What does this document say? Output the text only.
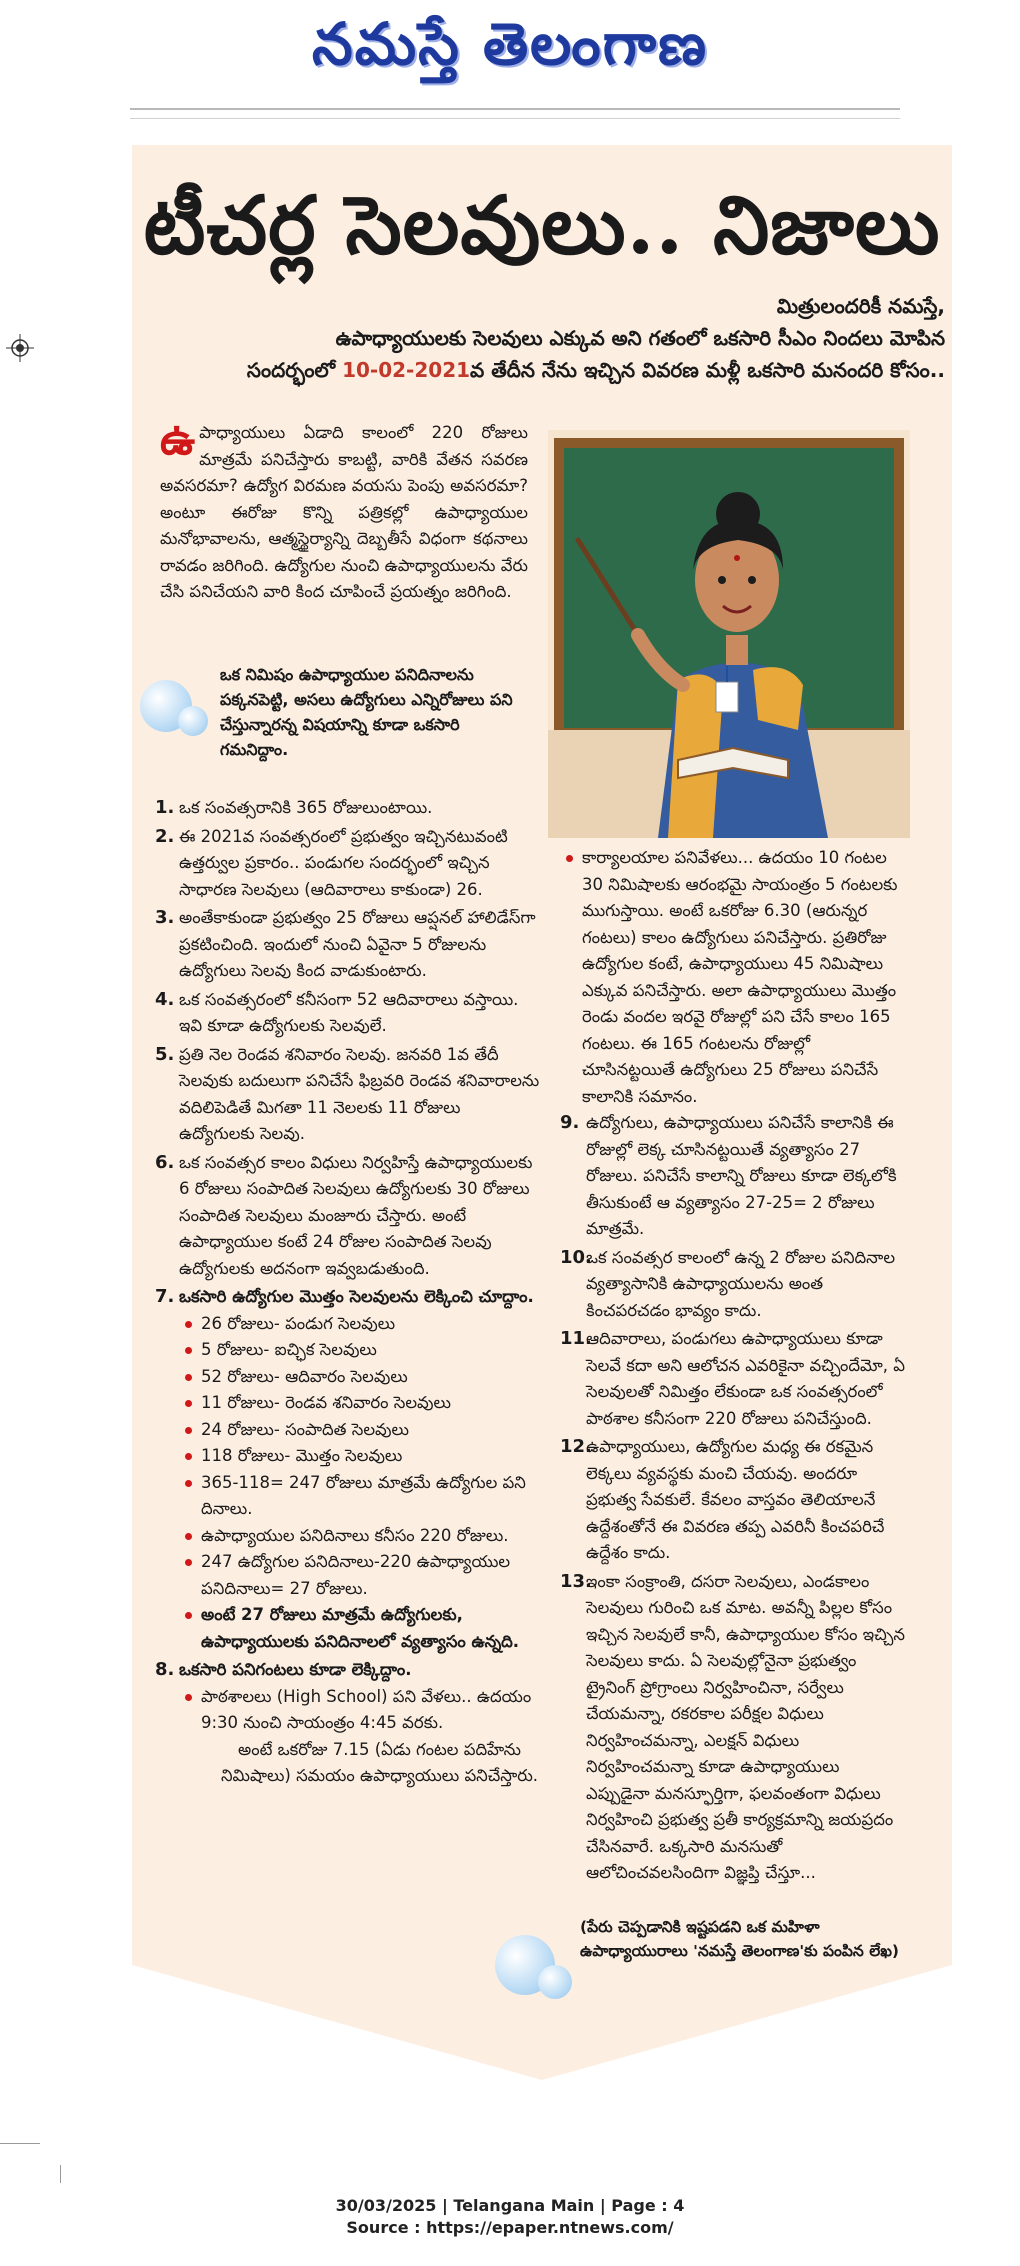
నమస్తే తెలంగాణ
టీచర్ల సెలవులు.. నిజాలు
మిత్రులందరికీ నమస్తే,
ఉపాధ్యాయులకు సెలవులు ఎక్కువ అని గతంలో ఒకసారి సీఎం నిందలు మోపిన
సందర్భంలో 10-02-2021వ తేదీన నేను ఇచ్చిన వివరణ మళ్లీ ఒకసారి మనందరి కోసం..
ఉపాధ్యాయులు ఏడాది కాలంలో 220 రోజులు మాత్రమే పనిచేస్తారు కాబట్టి, వారికి వేతన సవరణ అవసరమా? ఉద్యోగ విరమణ వయసు పెంపు అవసరమా? అంటూ ఈరోజు కొన్ని పత్రికల్లో ఉపాధ్యాయుల మనోభావాలను, ఆత్మస్థైర్యాన్ని దెబ్బతీసే విధంగా కథనాలు రావడం జరిగింది. ఉద్యోగుల నుంచి ఉపాధ్యాయులను వేరు చేసి పనిచేయని వారి కింద చూపించే ప్రయత్నం జరిగింది.
ఒక నిమిషం ఉపాధ్యాయుల పనిదినాలను పక్కనపెట్టి, అసలు ఉద్యోగులు ఎన్నిరోజులు పని చేస్తున్నారన్న విషయాన్ని కూడా ఒకసారి గమనిద్దాం.
1. ఒక సంవత్సరానికి 365 రోజులుంటాయి.
2. ఈ 2021వ సంవత్సరంలో ప్రభుత్వం ఇచ్చినటువంటి ఉత్తర్వుల ప్రకారం.. పండుగల సందర్భంలో ఇచ్చిన సాధారణ సెలవులు (ఆదివారాలు కాకుండా) 26.
3. అంతేకాకుండా ప్రభుత్వం 25 రోజులు ఆప్షనల్ హాలిడేస్‌గా ప్రకటించింది. ఇందులో నుంచి ఏవైనా 5 రోజులను ఉద్యోగులు సెలవు కింద వాడుకుంటారు.
4. ఒక సంవత్సరంలో కనీసంగా 52 ఆదివారాలు వస్తాయి. ఇవి కూడా ఉద్యోగులకు సెలవులే.
5. ప్రతి నెల రెండవ శనివారం సెలవు. జనవరి 1వ తేదీ సెలవుకు బదులుగా పనిచేసే ఫిబ్రవరి రెండవ శనివారాలను వదిలిపెడితే మిగతా 11 నెలలకు 11 రోజులు ఉద్యోగులకు సెలవు.
6. ఒక సంవత్సర కాలం విధులు నిర్వహిస్తే ఉపాధ్యాయులకు 6 రోజులు సంపాదిత సెలవులు ఉద్యోగులకు 30 రోజులు సంపాదిత సెలవులు మంజూరు చేస్తారు. అంటే ఉపాధ్యాయుల కంటే 24 రోజుల సంపాదిత సెలవు ఉద్యోగులకు అదనంగా ఇవ్వబడుతుంది.
7. ఒకసారి ఉద్యోగుల మొత్తం సెలవులను లెక్కించి చూద్దాం.
26 రోజులు- పండుగ సెలవులు
5 రోజులు- ఐచ్ఛిక సెలవులు
52 రోజులు- ఆదివారం సెలవులు
11 రోజులు- రెండవ శనివారం సెలవులు
24 రోజులు- సంపాదిత సెలవులు
118 రోజులు- మొత్తం సెలవులు
365-118= 247 రోజులు మాత్రమే ఉద్యోగుల పని దినాలు.
ఉపాధ్యాయుల పనిదినాలు కనీసం 220 రోజులు.
247 ఉద్యోగుల పనిదినాలు-220 ఉపాధ్యాయుల పనిదినాలు= 27 రోజులు.
అంటే 27 రోజులు మాత్రమే ఉద్యోగులకు, ఉపాధ్యాయులకు పనిదినాలలో వ్యత్యాసం ఉన్నది.
8. ఒకసారి పనిగంటలు కూడా లెక్కిద్దాం.
పాఠశాలలు (High School) పని వేళలు.. ఉదయం 9:30 నుంచి సాయంత్రం 4:45 వరకు.
అంటే ఒకరోజు 7.15 (ఏడు గంటల పదిహేను నిమిషాలు) సమయం ఉపాధ్యాయులు పనిచేస్తారు.
కార్యాలయాల పనివేళలు... ఉదయం 10 గంటల 30 నిమిషాలకు ఆరంభమై సాయంత్రం 5 గంటలకు ముగుస్తాయి. అంటే ఒకరోజు 6.30 (ఆరున్నర గంటలు) కాలం ఉద్యోగులు పనిచేస్తారు. ప్రతిరోజు ఉద్యోగుల కంటే, ఉపాధ్యాయులు 45 నిమిషాలు ఎక్కువ పనిచేస్తారు. అలా ఉపాధ్యాయులు మొత్తం రెండు వందల ఇరవై రోజుల్లో పని చేసే కాలం 165 గంటలు. ఈ 165 గంటలను రోజుల్లో చూసినట్టయితే ఉద్యోగులు 25 రోజులు పనిచేసే కాలానికి సమానం.
9. ఉద్యోగులు, ఉపాధ్యాయులు పనిచేసే కాలానికి ఈ రోజుల్లో లెక్క చూసినట్టయితే వ్యత్యాసం 27 రోజులు. పనిచేసే కాలాన్ని రోజులు కూడా లెక్కలోకి తీసుకుంటే ఆ వ్యత్యాసం 27-25= 2 రోజులు మాత్రమే.
10.
ఒక సంవత్సర కాలంలో ఉన్న 2 రోజుల పనిదినాల వ్యత్యాసానికి ఉపాధ్యాయులను అంత కించపరచడం భావ్యం కాదు.
11.
ఆదివారాలు, పండుగలు ఉపాధ్యాయులు కూడా సెలవే కదా అని ఆలోచన ఎవరికైనా వచ్చిందేమో, ఏ సెలవులతో నిమిత్తం లేకుండా ఒక సంవత్సరంలో పాఠశాల కనీసంగా 220 రోజులు పనిచేస్తుంది.
12.
ఉపాధ్యాయులు, ఉద్యోగుల మధ్య ఈ రకమైన లెక్కలు వ్యవస్థకు మంచి చేయవు. అందరూ ప్రభుత్వ సేవకులే. కేవలం వాస్తవం తెలియాలనే ఉద్దేశంతోనే ఈ వివరణ తప్ప ఎవరినీ కించపరిచే ఉద్దేశం కాదు.
13.
ఇంకా సంక్రాంతి, దసరా సెలవులు, ఎండకాలం సెలవులు గురించి ఒక మాట. అవన్నీ పిల్లల కోసం ఇచ్చిన సెలవులే కానీ, ఉపాధ్యాయుల కోసం ఇచ్చిన సెలవులు కాదు. ఏ సెలవుల్లోనైనా ప్రభుత్వం ట్రైనింగ్ ప్రోగ్రాంలు నిర్వహించినా, సర్వేలు చేయమన్నా, రకరకాల పరీక్షల విధులు నిర్వహించమన్నా, ఎలక్షన్ విధులు నిర్వహించమన్నా కూడా ఉపాధ్యాయులు ఎప్పుడైనా మనస్ఫూర్తిగా, ఫలవంతంగా విధులు నిర్వహించి ప్రభుత్వ ప్రతీ కార్యక్రమాన్ని జయప్రదం చేసినవారే. ఒక్కసారి మనసుతో ఆలోచించవలసిందిగా విజ్ఞప్తి చేస్తూ...
(పేరు చెప్పడానికి ఇష్టపడని ఒక మహిళా ఉపాధ్యాయురాలు 'నమస్తే తెలంగాణ'కు పంపిన లేఖ)
30/03/2025 | Telangana Main | Page : 4
Source : https://epaper.ntnews.com/
